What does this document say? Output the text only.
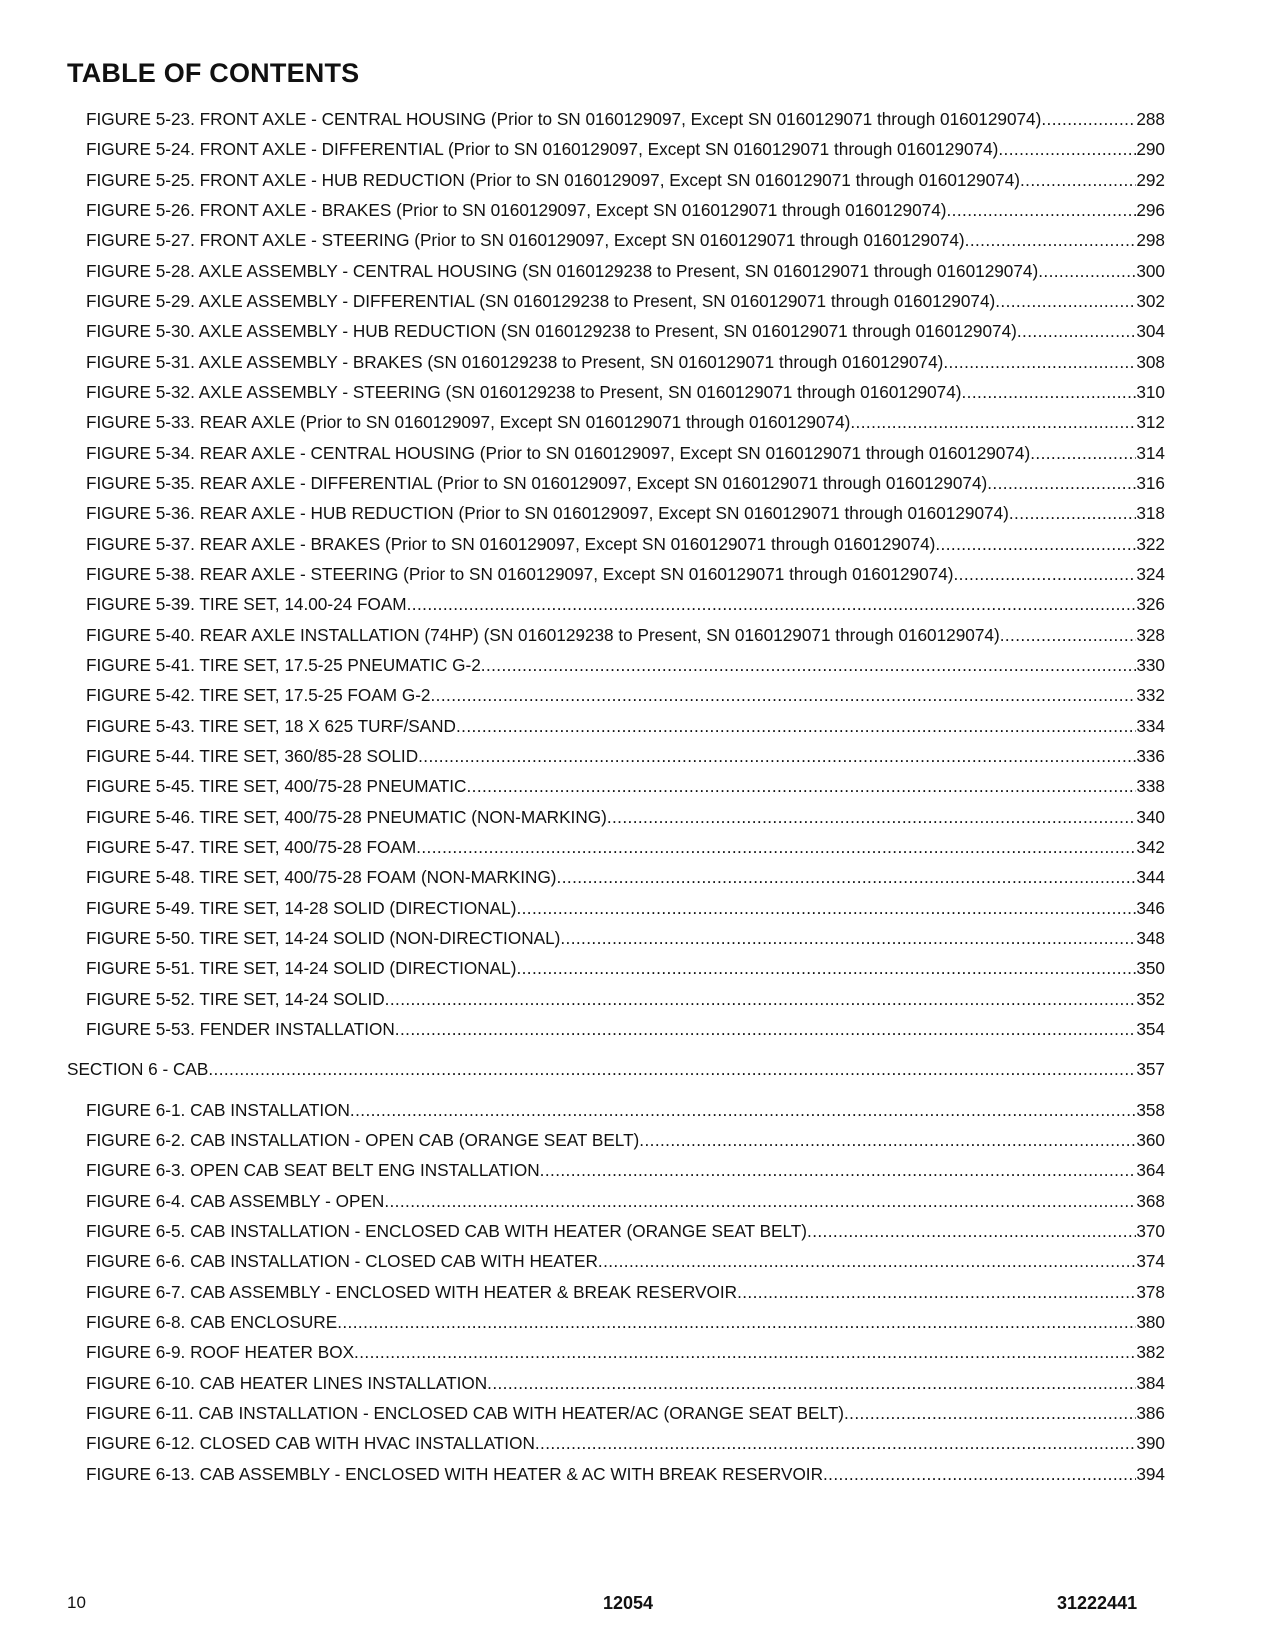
TABLE OF CONTENTS
FIGURE 5-23. FRONT AXLE - CENTRAL HOUSING (Prior to SN 0160129097, Except SN 0160129071 through 0160129074) .....	288
FIGURE 5-24. FRONT AXLE - DIFFERENTIAL (Prior to SN 0160129097, Except SN 0160129071 through 0160129074) .....	290
FIGURE 5-25. FRONT AXLE - HUB REDUCTION (Prior to SN 0160129097, Except SN 0160129071 through 0160129074) .....	292
FIGURE 5-26. FRONT AXLE - BRAKES (Prior to SN 0160129097, Except SN 0160129071 through 0160129074) .....	296
FIGURE 5-27. FRONT AXLE - STEERING (Prior to SN 0160129097, Except SN 0160129071 through 0160129074) .....	298
FIGURE 5-28. AXLE ASSEMBLY - CENTRAL HOUSING (SN 0160129238 to Present, SN 0160129071 through 0160129074) .....	300
FIGURE 5-29. AXLE ASSEMBLY - DIFFERENTIAL (SN 0160129238 to Present, SN 0160129071 through 0160129074) .....	302
FIGURE 5-30. AXLE ASSEMBLY - HUB REDUCTION (SN 0160129238 to Present, SN 0160129071 through 0160129074) .....	304
FIGURE 5-31. AXLE ASSEMBLY - BRAKES (SN 0160129238 to Present, SN 0160129071 through 0160129074) .....	308
FIGURE 5-32. AXLE ASSEMBLY - STEERING (SN 0160129238 to Present, SN 0160129071 through 0160129074) .....	310
FIGURE 5-33. REAR AXLE (Prior to SN 0160129097, Except SN 0160129071 through 0160129074) .....	312
FIGURE 5-34. REAR AXLE - CENTRAL HOUSING (Prior to SN 0160129097, Except SN 0160129071 through 0160129074) .....	314
FIGURE 5-35. REAR AXLE - DIFFERENTIAL (Prior to SN 0160129097, Except SN 0160129071 through 0160129074) .....	316
FIGURE 5-36. REAR AXLE - HUB REDUCTION (Prior to SN 0160129097, Except SN 0160129071 through 0160129074) .....	318
FIGURE 5-37. REAR AXLE - BRAKES (Prior to SN 0160129097, Except SN 0160129071 through 0160129074) .....	322
FIGURE 5-38. REAR AXLE - STEERING (Prior to SN 0160129097, Except SN 0160129071 through 0160129074) .....	324
FIGURE 5-39. TIRE SET, 14.00-24 FOAM .....	326
FIGURE 5-40. REAR AXLE INSTALLATION (74HP) (SN 0160129238 to Present, SN 0160129071 through 0160129074) .....	328
FIGURE 5-41. TIRE SET, 17.5-25 PNEUMATIC G-2 .....	330
FIGURE 5-42. TIRE SET, 17.5-25 FOAM G-2 .....	332
FIGURE 5-43. TIRE SET, 18 X 625 TURF/SAND .....	334
FIGURE 5-44. TIRE SET, 360/85-28 SOLID .....	336
FIGURE 5-45. TIRE SET, 400/75-28 PNEUMATIC .....	338
FIGURE 5-46. TIRE SET, 400/75-28 PNEUMATIC (NON-MARKING) .....	340
FIGURE 5-47. TIRE SET, 400/75-28 FOAM .....	342
FIGURE 5-48. TIRE SET, 400/75-28 FOAM (NON-MARKING) .....	344
FIGURE 5-49. TIRE SET, 14-28 SOLID (DIRECTIONAL) .....	346
FIGURE 5-50. TIRE SET, 14-24 SOLID (NON-DIRECTIONAL) .....	348
FIGURE 5-51. TIRE SET, 14-24 SOLID (DIRECTIONAL) .....	350
FIGURE 5-52. TIRE SET, 14-24 SOLID .....	352
FIGURE 5-53. FENDER INSTALLATION .....	354
SECTION 6 - CAB .....	357
FIGURE 6-1. CAB INSTALLATION .....	358
FIGURE 6-2. CAB INSTALLATION - OPEN CAB (ORANGE SEAT BELT) .....	360
FIGURE 6-3. OPEN CAB SEAT BELT ENG INSTALLATION .....	364
FIGURE 6-4. CAB ASSEMBLY - OPEN .....	368
FIGURE 6-5. CAB INSTALLATION - ENCLOSED CAB WITH HEATER (ORANGE SEAT BELT) .....	370
FIGURE 6-6. CAB INSTALLATION - CLOSED CAB WITH HEATER .....	374
FIGURE 6-7. CAB ASSEMBLY - ENCLOSED WITH HEATER & BREAK RESERVOIR .....	378
FIGURE 6-8. CAB ENCLOSURE .....	380
FIGURE 6-9. ROOF HEATER BOX .....	382
FIGURE 6-10. CAB HEATER LINES INSTALLATION .....	384
FIGURE 6-11. CAB INSTALLATION - ENCLOSED CAB WITH HEATER/AC (ORANGE SEAT BELT) .....	386
FIGURE 6-12. CLOSED CAB WITH HVAC INSTALLATION .....	390
FIGURE 6-13. CAB ASSEMBLY - ENCLOSED WITH HEATER & AC WITH BREAK RESERVOIR .....	394
10	12054	31222441
